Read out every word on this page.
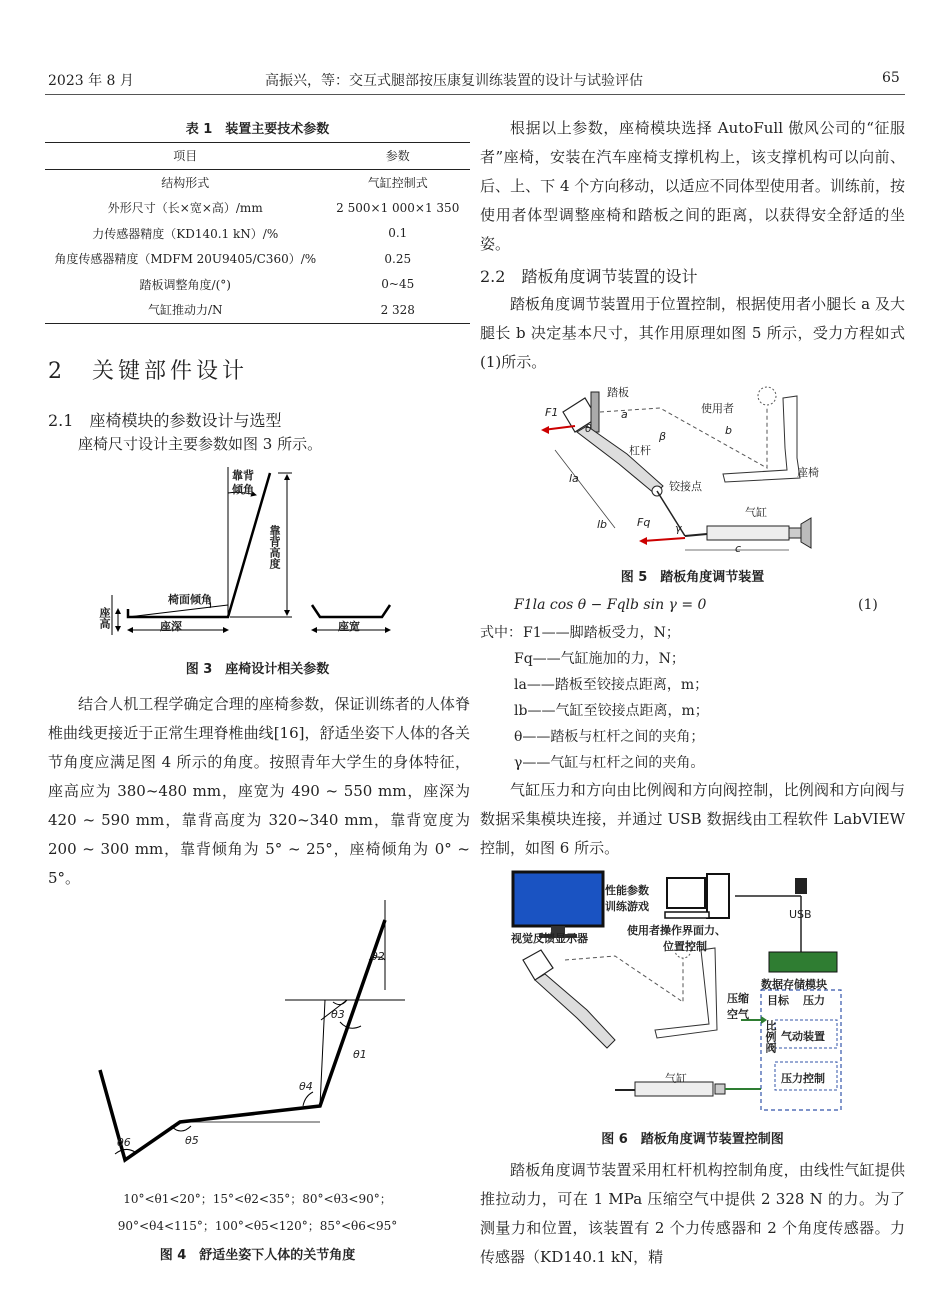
2023 年 8 月	高振兴，等：交互式腿部按压康复训练装置的设计与试验评估	65
表 1　装置主要技术参数
项目	参数
结构形式	气缸控制式
外形尺寸（长×宽×高）/mm	2 500×1 000×1 350
力传感器精度（KD140.1 kN）/%	0.1
角度传感器精度（MDFM 20U9405/C360）/%	0.25
踏板调整角度/(°)	0~45
气缸推动力/N	2 328
2　关键部件设计
2.1　座椅模块的参数设计与选型

座椅尺寸设计主要参数如图 3 所示。

靠背
倾角
靠背高度
椅面倾角
座高	座深	座宽
图 3　座椅设计相关参数

结合人机工程学确定合理的座椅参数，保证训练者的人体脊椎曲线更接近于正常生理脊椎曲线[16]，舒适坐姿下人体的各关节角度应满足图 4 所示的角度。按照青年大学生的身体特征，座高应为 380~480 mm，座宽为 490 ~ 550 mm，座深为 420 ~ 590 mm，靠背高度为 320~340 mm，靠背宽度为 200 ~ 300 mm，靠背倾角为 5° ~ 25°，座椅倾角为 0° ~ 5°。

θ1
θ2
θ3
θ4
θ5
θ6
10°<θ1<20°；15°<θ2<35°；80°<θ3<90°；
90°<θ4<115°；100°<θ5<120°；85°<θ6<95°
图 4　舒适坐姿下人体的关节角度

根据以上参数，座椅模块选择 AutoFull 傲风公司的“征服者”座椅，安装在汽车座椅支撑机构上，该支撑机构可以向前、后、上、下 4 个方向移动，以适应不同体型使用者。训练前，按使用者体型调整座椅和踏板之间的距离，以获得安全舒适的坐姿。

2.2　踏板角度调节装置的设计

踏板角度调节装置用于位置控制，根据使用者小腿长 a 及大腿长 b 决定基本尺寸，其作用原理如图 5 所示，受力方程如式(1)所示。

踏板
使用者
杠杆
铰接点
座椅
气缸
F1
Fq
a
b
c
β
θ
γ
la
lb
图 5　踏板角度调节装置
F1la cos θ − Fqlb sin γ = 0	(1)
式中： F1——脚踏板受力，N；
Fq——气缸施加的力，N；
la——踏板至铰接点距离，m；
lb——气缸至铰接点距离，m；
θ——踏板与杠杆之间的夹角；
γ——气缸与杠杆之间的夹角。

气缸压力和方向由比例阀和方向阀控制，比例阀和方向阀与数据采集模块连接，并通过 USB 数据线由工程软件 LabVIEW 控制，如图 6 所示。

性能参数
训练游戏
视觉反馈显示器
使用者操作界面力、
位置控制
USB
数据存储模块
目标 压力
压缩
空气
比例阀 气动装置
压力控制
气缸
图 6　踏板角度调节装置控制图

踏板角度调节装置采用杠杆机构控制角度，由线性气缸提供推拉动力，可在 1 MPa 压缩空气中提供 2 328 N 的力。为了测量力和位置，该装置有 2 个力传感器和 2 个角度传感器。力传感器（KD140.1 kN，精
